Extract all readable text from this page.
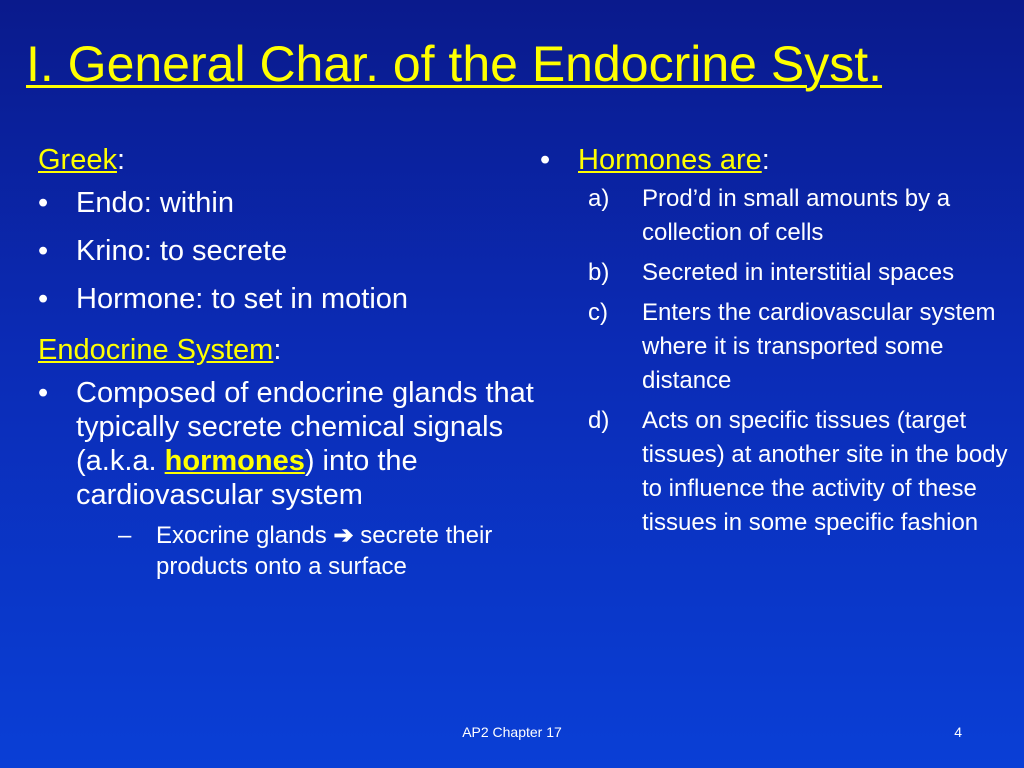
I. General Char. of the Endocrine Syst.
Greek:
• Endo: within
• Krino: to secrete
• Hormone: to set in motion
Endocrine System:
• Composed of endocrine glands that typically secrete chemical signals (a.k.a. hormones) into the cardiovascular system
– Exocrine glands ➔ secrete their products onto a surface
• Hormones are:
a)	Prod’d in small amounts by a collection of cells
b)	Secreted in interstitial spaces
c)	Enters the cardiovascular system where it is transported some distance
d)	Acts on specific tissues (target tissues) at another site in the body to influence the activity of these tissues in some specific fashion
AP2 Chapter 17	4
